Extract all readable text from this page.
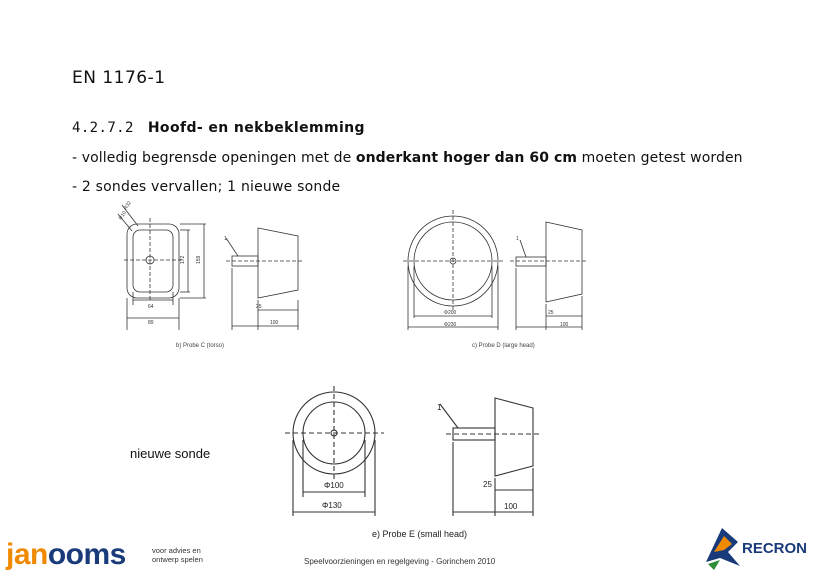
EN 1176-1
4.2.7.2 Hoofd- en nekbeklemming
- volledig begrensde openingen met de onderkant hoger dan 60 cm moeten getest worden
- 2 sondes vervallen; 1 nieuwe sonde
R32
R10
64
89
172 159
25
100
1
b) Probe C (torso)
Φ200
Φ230
25
100
1
c) Probe D (large head)
Φ100
Φ130
25
100
1
e) Probe E (small head)
nieuwe sonde
janooms	voor advies en
ontwerp spelen	Speelvoorzieningen en regelgeving - Gorinchem 2010
RECRON
